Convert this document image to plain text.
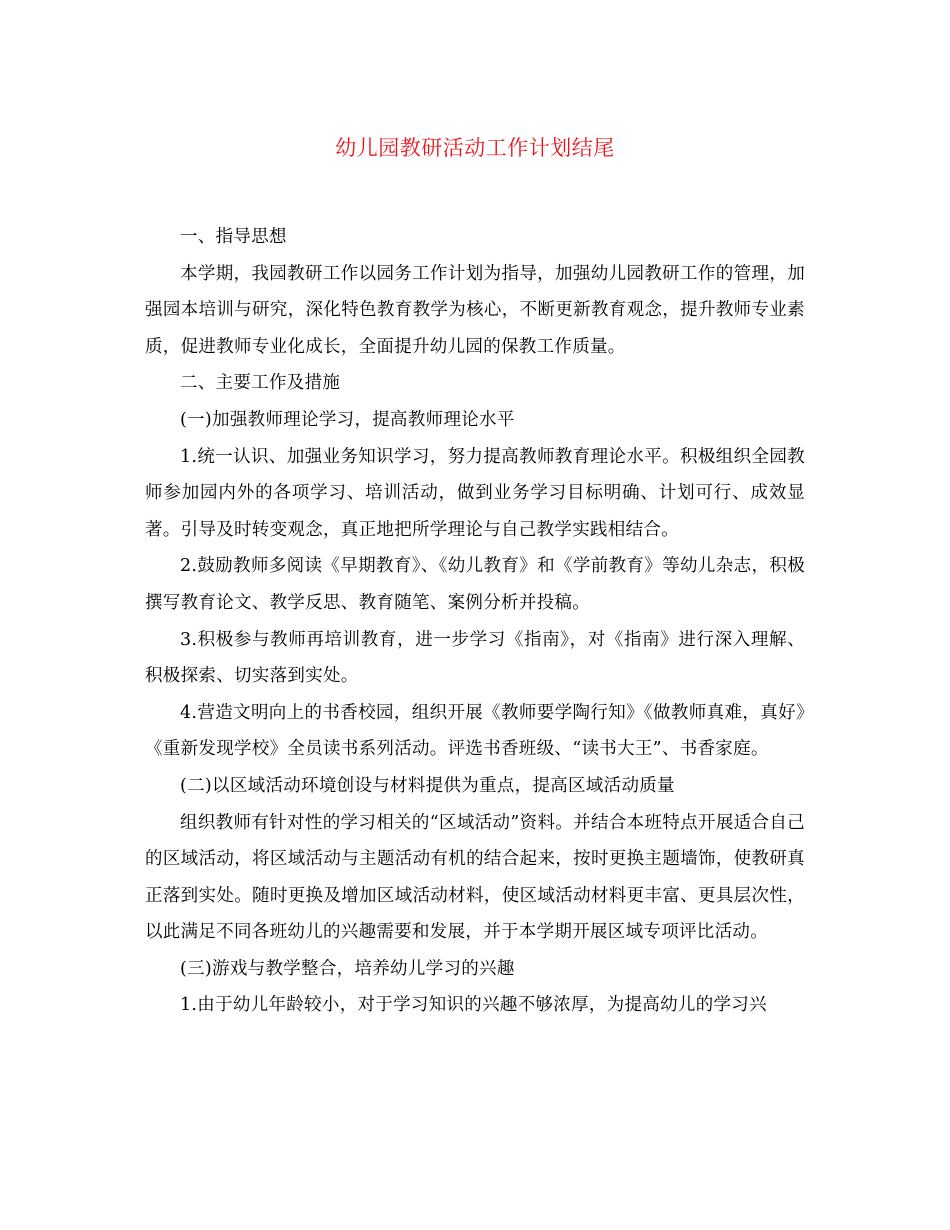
幼儿园教研活动工作计划结尾

一、指导思想

本学期，我园教研工作以园务工作计划为指导，加强幼儿园教研工作的管理，加强园本培训与研究，深化特色教育教学为核心，不断更新教育观念，提升教师专业素质，促进教师专业化成长，全面提升幼儿园的保教工作质量。

二、主要工作及措施

(一)加强教师理论学习，提高教师理论水平

1.统一认识、加强业务知识学习，努力提高教师教育理论水平。积极组织全园教师参加园内外的各项学习、培训活动，做到业务学习目标明确、计划可行、成效显著。引导及时转变观念，真正地把所学理论与自己教学实践相结合。

2.鼓励教师多阅读《早期教育》、《幼儿教育》和《学前教育》等幼儿杂志，积极撰写教育论文、教学反思、教育随笔、案例分析并投稿。

3.积极参与教师再培训教育，进一步学习《指南》，对《指南》进行深入理解、积极探索、切实落到实处。

4.营造文明向上的书香校园，组织开展《教师要学陶行知》《做教师真难，真好》《重新发现学校》全员读书系列活动。评选书香班级、“读书大王”、书香家庭。

(二)以区域活动环境创设与材料提供为重点，提高区域活动质量

组织教师有针对性的学习相关的“区域活动”资料。并结合本班特点开展适合自己的区域活动，将区域活动与主题活动有机的结合起来，按时更换主题墙饰，使教研真正落到实处。随时更换及增加区域活动材料，使区域活动材料更丰富、更具层次性，以此满足不同各班幼儿的兴趣需要和发展，并于本学期开展区域专项评比活动。

(三)游戏与教学整合，培养幼儿学习的兴趣

1.由于幼儿年龄较小，对于学习知识的兴趣不够浓厚，为提高幼儿的学习兴
